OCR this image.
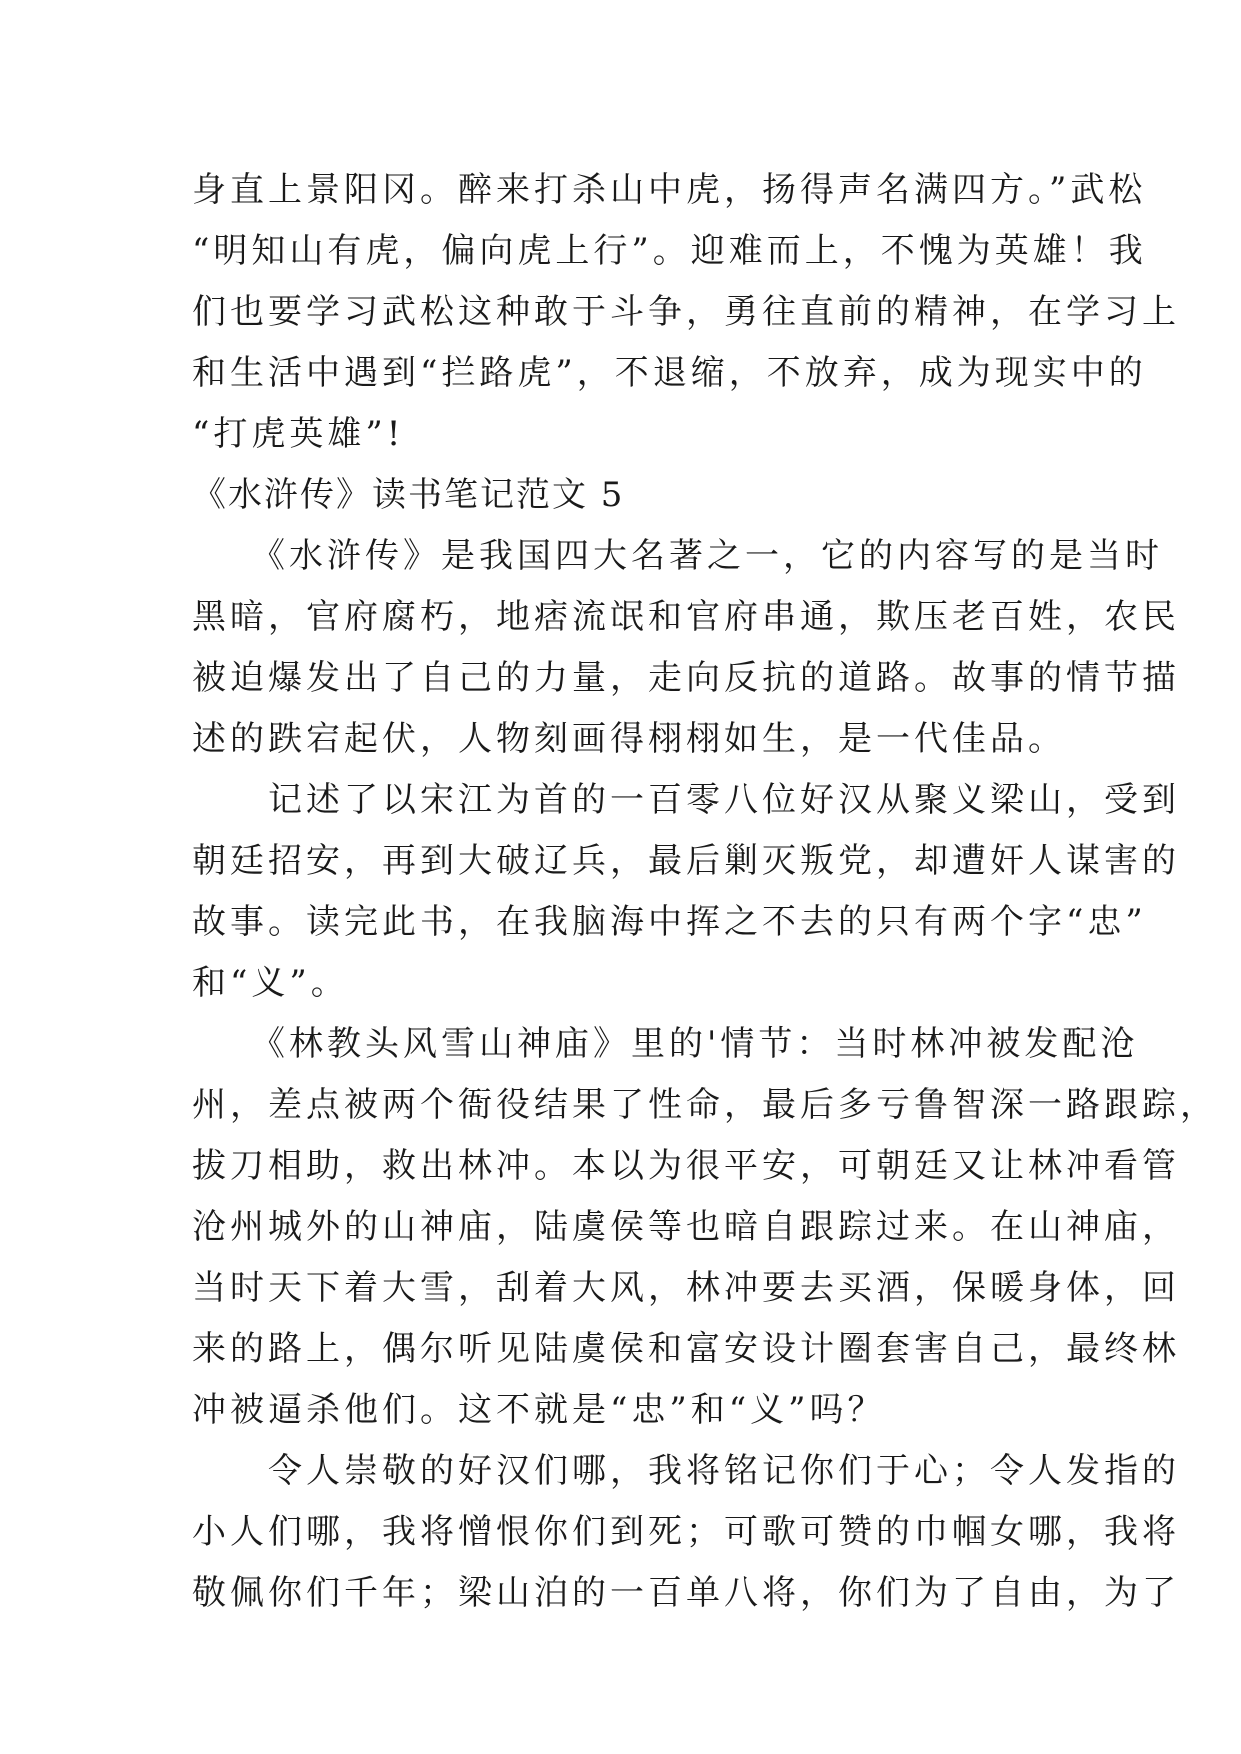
身直上景阳冈。醉来打杀山中虎，扬得声名满四方。”武松
“明知山有虎，偏向虎上行”。迎难而上，不愧为英雄！我
们也要学习武松这种敢于斗争，勇往直前的精神，在学习上
和生活中遇到“拦路虎”，不退缩，不放弃，成为现实中的
“打虎英雄”!
《水浒传》读书笔记范文 5
　　《水浒传》是我国四大名著之一，它的内容写的是当时
黑暗，官府腐朽，地痞流氓和官府串通，欺压老百姓，农民
被迫爆发出了自己的力量，走向反抗的道路。故事的情节描
述的跌宕起伏，人物刻画得栩栩如生，是一代佳品。
　　记述了以宋江为首的一百零八位好汉从聚义梁山，受到
朝廷招安，再到大破辽兵，最后剿灭叛党，却遭奸人谋害的
故事。读完此书，在我脑海中挥之不去的只有两个字“忠”
和“义”。
　　《林教头风雪山神庙》里的'情节：当时林冲被发配沧
州，差点被两个衙役结果了性命，最后多亏鲁智深一路跟踪，
拔刀相助，救出林冲。本以为很平安，可朝廷又让林冲看管
沧州城外的山神庙，陆虞侯等也暗自跟踪过来。在山神庙，
当时天下着大雪，刮着大风，林冲要去买酒，保暖身体，回
来的路上，偶尔听见陆虞侯和富安设计圈套害自己，最终林
冲被逼杀他们。这不就是“忠”和“义”吗？
　　令人崇敬的好汉们哪，我将铭记你们于心；令人发指的
小人们哪，我将憎恨你们到死；可歌可赞的巾帼女哪，我将
敬佩你们千年；梁山泊的一百单八将，你们为了自由，为了
